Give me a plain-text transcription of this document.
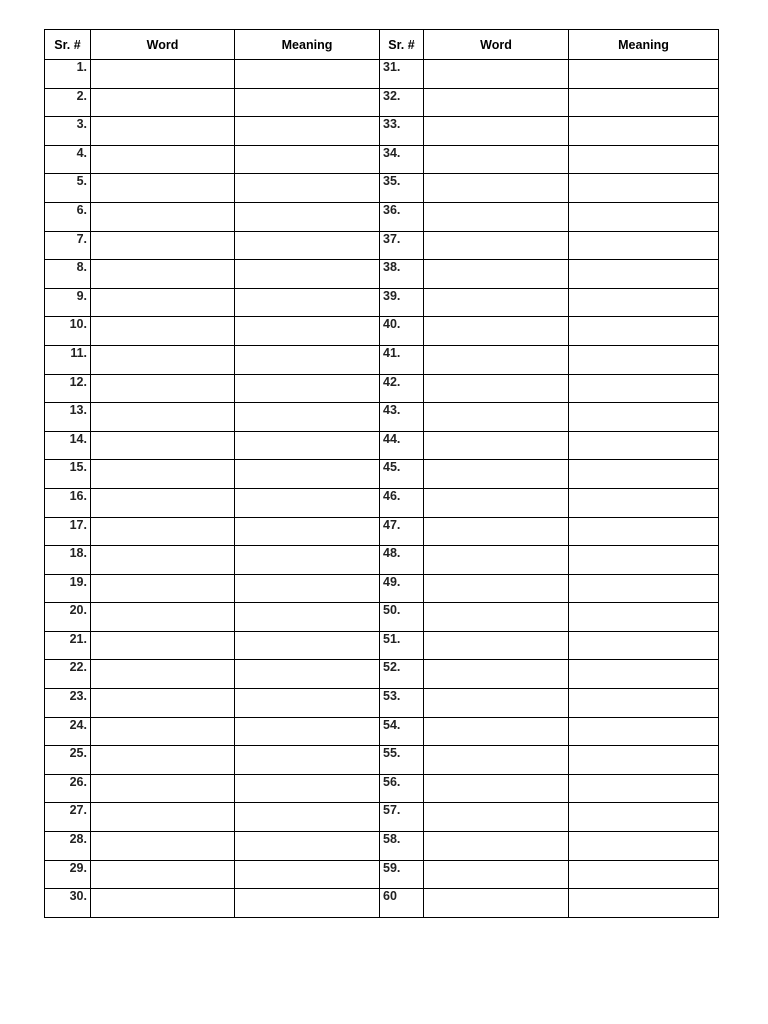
Sr. #	Word	Meaning	Sr. #	Word	Meaning
1.			31.		
2.			32.		
3.			33.		
4.			34.		
5.			35.		
6.			36.		
7.			37.		
8.			38.		
9.			39.		
10.			40.		
11.			41.		
12.			42.		
13.			43.		
14.			44.		
15.			45.		
16.			46.		
17.			47.		
18.			48.		
19.			49.		
20.			50.		
21.			51.		
22.			52.		
23.			53.		
24.			54.		
25.			55.		
26.			56.		
27.			57.		
28.			58.		
29.			59.		
30.			60		
